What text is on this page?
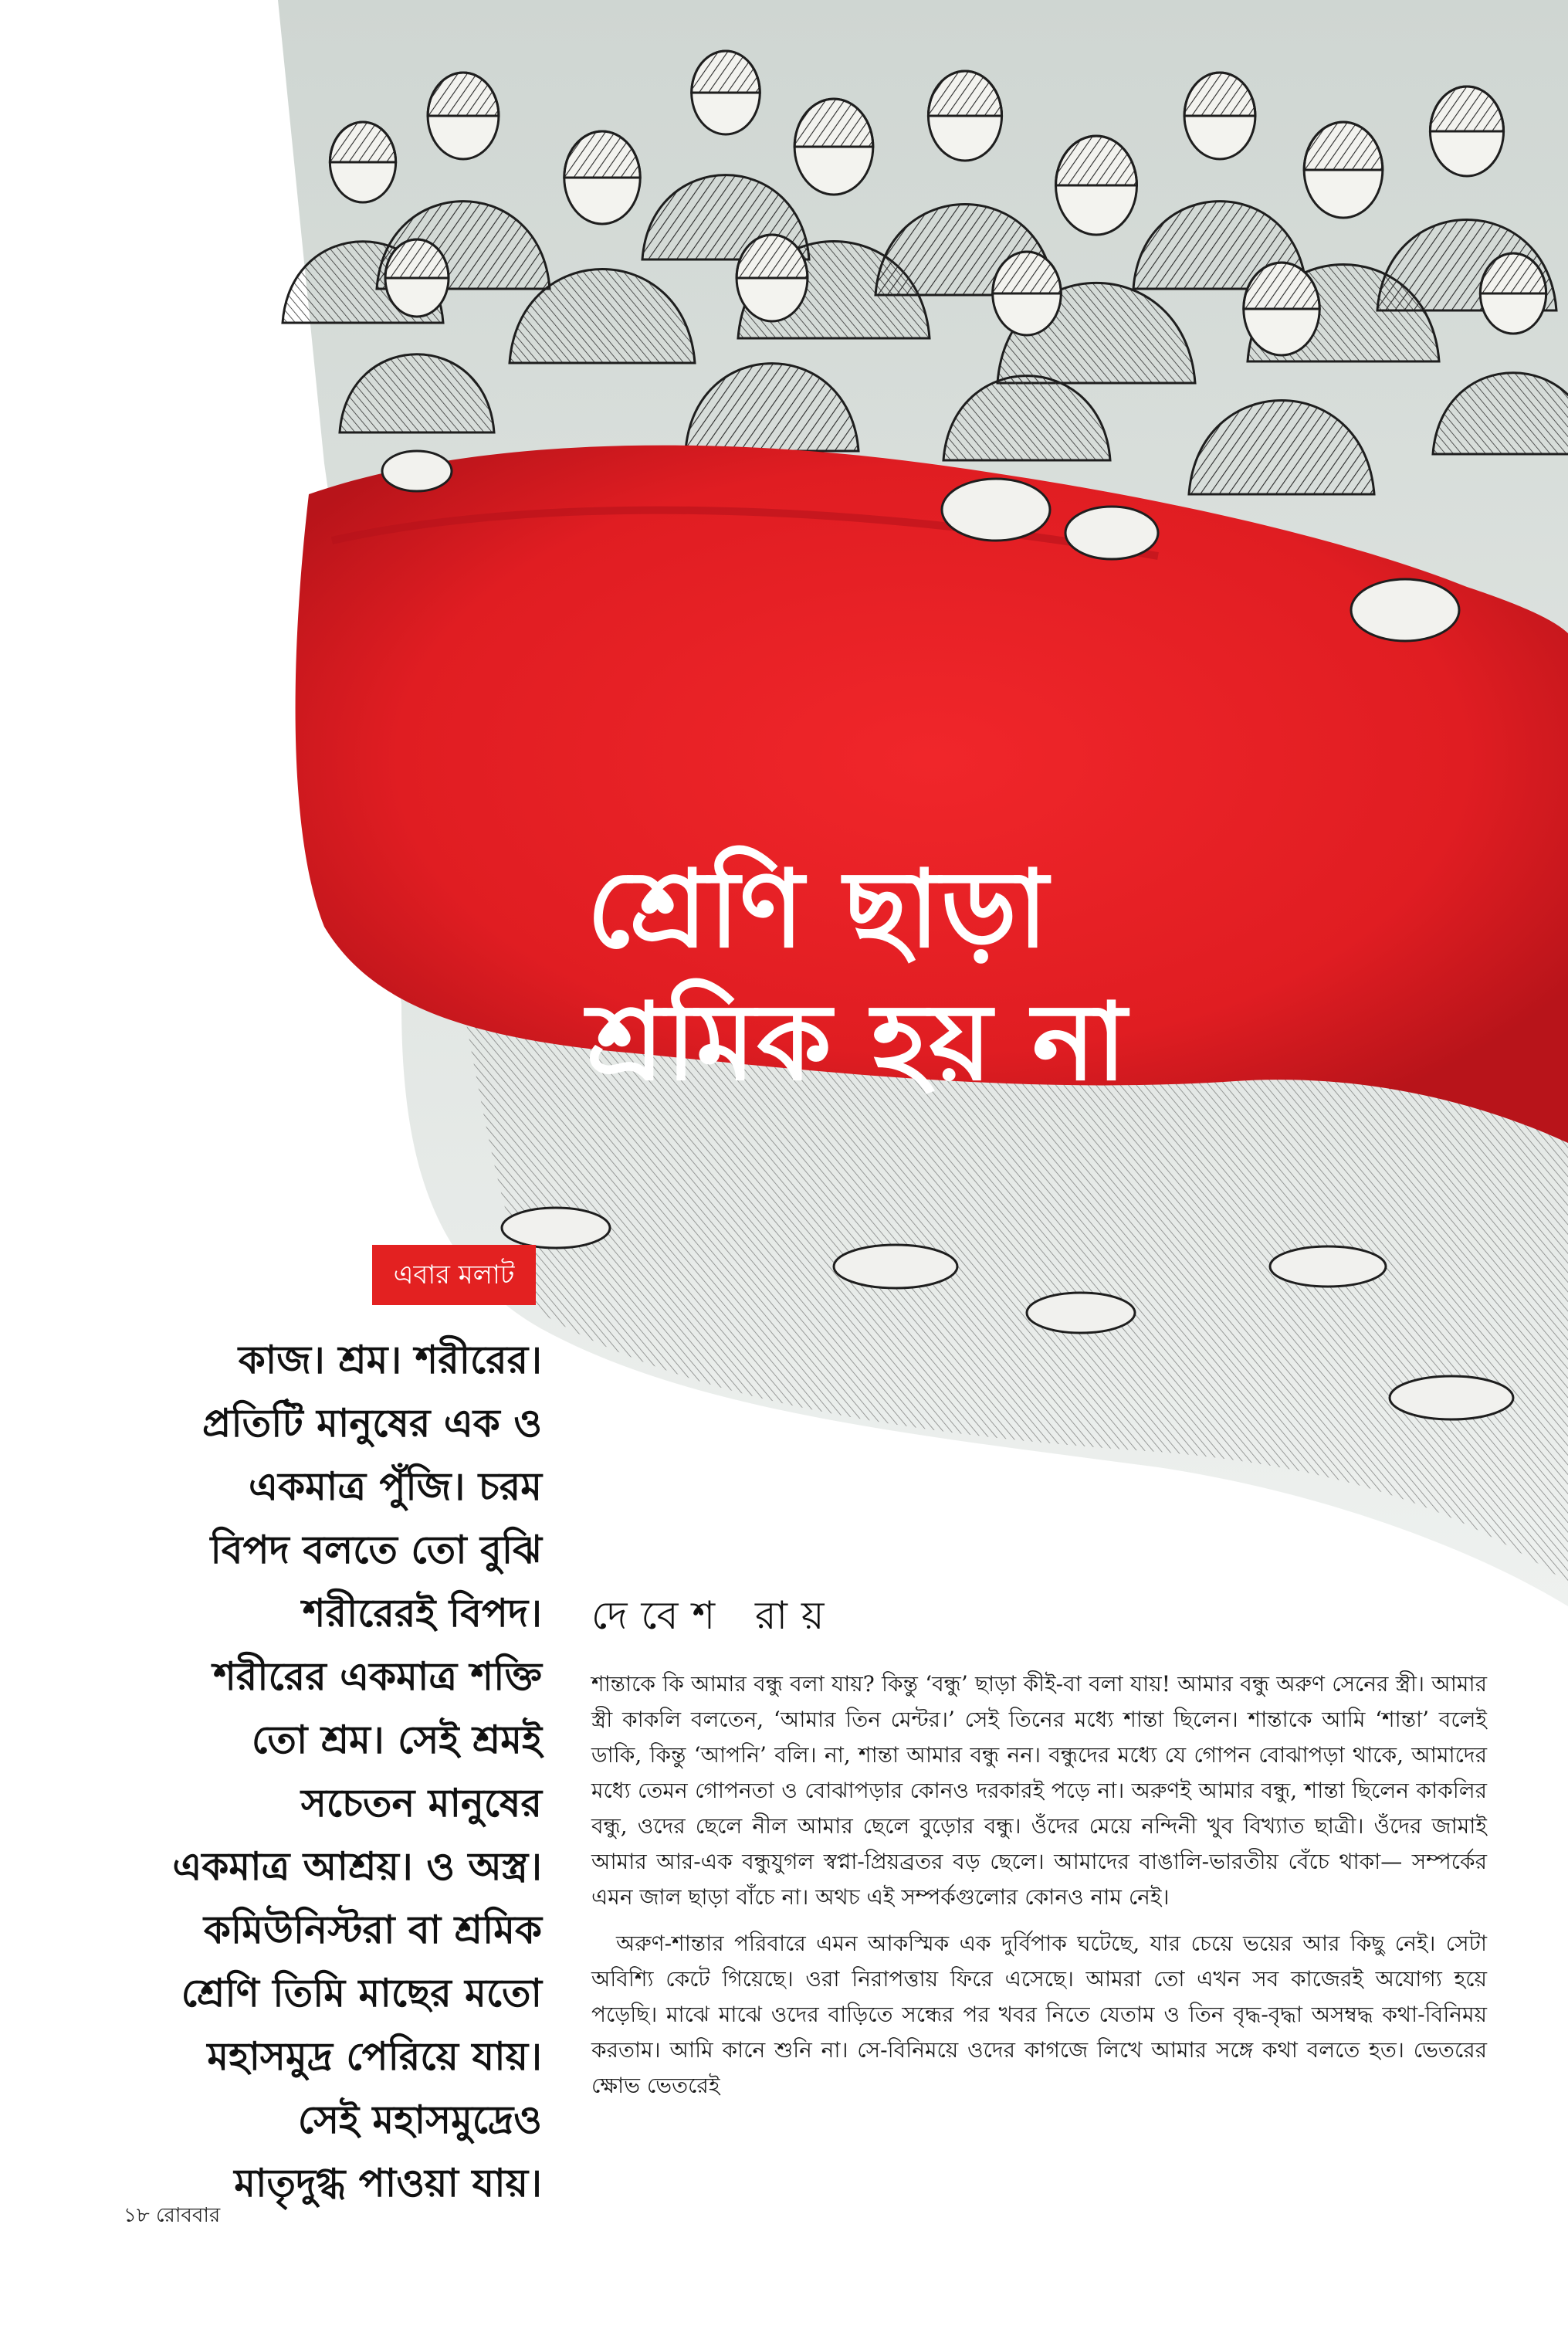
শ্রেণি ছাড়া
শ্রমিক হয় না
এবার মলাট
কাজ। শ্রম। শরীরের।
প্রতিটি মানুষের এক ও
একমাত্র পুঁজি। চরম
বিপদ বলতে তো বুঝি
শরীরেরই বিপদ।
শরীরের একমাত্র শক্তি
তো শ্রম। সেই শ্রমই
সচেতন মানুষের
একমাত্র আশ্রয়। ও অস্ত্র।
কমিউনিস্টরা বা শ্রমিক
শ্রেণি তিমি মাছের মতো
মহাসমুদ্র পেরিয়ে যায়।
সেই মহাসমুদ্রেও
মাতৃদুগ্ধ পাওয়া যায়।
দেবেশ রায়

শান্তাকে কি আমার বন্ধু বলা যায়? কিন্তু ‘বন্ধু’ ছাড়া কীই-বা বলা যায়! আমার বন্ধু অরুণ সেনের স্ত্রী। আমার স্ত্রী কাকলি বলতেন, ‘আমার তিন মেন্টর।’ সেই তিনের মধ্যে শান্তা ছিলেন। শান্তাকে আমি ‘শান্তা’ বলেই ডাকি, কিন্তু ‘আপনি’ বলি। না, শান্তা আমার বন্ধু নন। বন্ধুদের মধ্যে যে গোপন বোঝাপড়া থাকে, আমাদের মধ্যে তেমন গোপনতা ও বোঝাপড়ার কোনও দরকারই পড়ে না। অরুণই আমার বন্ধু, শান্তা ছিলেন কাকলির বন্ধু, ওদের ছেলে নীল আমার ছেলে বুড়োর বন্ধু। ওঁদের মেয়ে নন্দিনী খুব বিখ্যাত ছাত্রী। ওঁদের জামাই আমার আর-এক বন্ধুযুগল স্বপ্না-প্রিয়ব্রতর বড় ছেলে। আমাদের বাঙালি-ভারতীয় বেঁচে থাকা— সম্পর্কের এমন জাল ছাড়া বাঁচে না। অথচ এই সম্পর্কগুলোর কোনও নাম নেই।

অরুণ-শান্তার পরিবারে এমন আকস্মিক এক দুর্বিপাক ঘটেছে, যার চেয়ে ভয়ের আর কিছু নেই। সেটা অবিশ্যি কেটে গিয়েছে। ওরা নিরাপত্তায় ফিরে এসেছে। আমরা তো এখন সব কাজেরই অযোগ্য হয়ে পড়েছি। মাঝে মাঝে ওদের বাড়িতে সন্ধের পর খবর নিতে যেতাম ও তিন বৃদ্ধ-বৃদ্ধা অসম্বদ্ধ কথা-বিনিময় করতাম। আমি কানে শুনি না। সে-বিনিময়ে ওদের কাগজে লিখে আমার সঙ্গে কথা বলতে হত। ভেতরের ক্ষোভ ভেতরেই

১৮ রোববার
